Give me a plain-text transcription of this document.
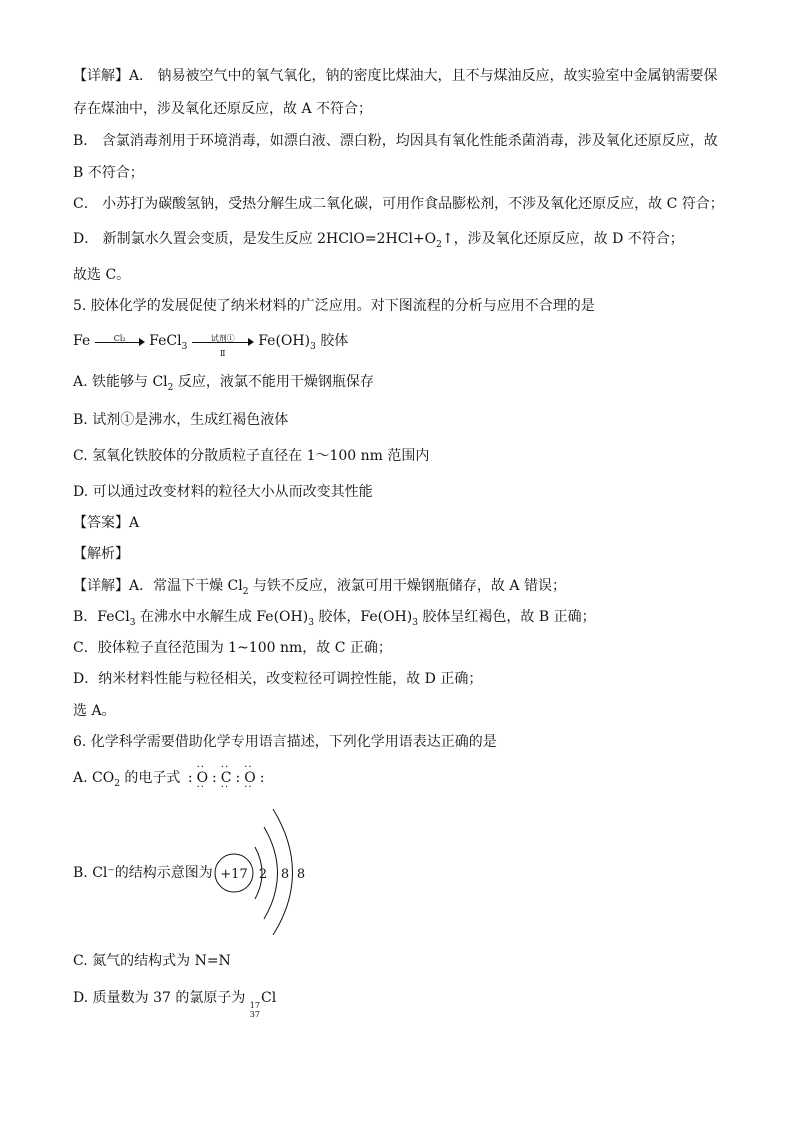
【详解】A． 钠易被空气中的氧气氧化，钠的密度比煤油大，且不与煤油反应，故实验室中金属钠需要保
存在煤油中，涉及氧化还原反应，故 A 不符合；
B． 含氯消毒剂用于环境消毒，如漂白液、漂白粉，均因具有氧化性能杀菌消毒，涉及氧化还原反应，故
B 不符合；
C． 小苏打为碳酸氢钠，受热分解生成二氧化碳，可用作食品膨松剂，不涉及氧化还原反应，故 C 符合；
D． 新制氯水久置会变质，是发生反应 $2HClO=2HCl+O_2↑$，涉及氧化还原反应，故 D 不符合；
故选 C。
5. 胶体化学的发展促使了纳米材料的广泛应用。对下图流程的分析与应用不合理的是
Fe	Cl₂	FeCl$_3$
试剂①
Ⅱ
$Fe(OH)_3$ 胶体
A. 铁能够与 $Cl_2$ 反应，液氯不能用干燥钢瓶保存
B. 试剂①是沸水，生成红褐色液体
C. 氢氧化铁胶体的分散质粒子直径在 1～100 nm 范围内
D. 可以通过改变材料的粒径大小从而改变其性能
【答案】A
【解析】
【详解】A．常温下干燥 $Cl_2$ 与铁不反应，液氯可用干燥钢瓶储存，故 A 错误；
B．FeCl$_3$ 在沸水中水解生成 $Fe(OH)_3$ 胶体，$Fe(OH)_3$ 胶体呈红褐色，故 B 正确；
C．胶体粒子直径范围为 1~100 nm，故 C 正确；
D．纳米材料性能与粒径相关，改变粒径可调控性能，故 D 正确；
选 A。
6. 化学科学需要借助化学专用语言描述，下列化学用语表达正确的是
A. $CO_2$ 的电子式 : ·· O ·· : ·· C ·· : ·· O ·· :
B. Cl⁻的结构示意图为 +17 2 8 8
C. 氮气的结构式为 N=N
D. 质量数为 37 的氯原子为 17
37
Cl
